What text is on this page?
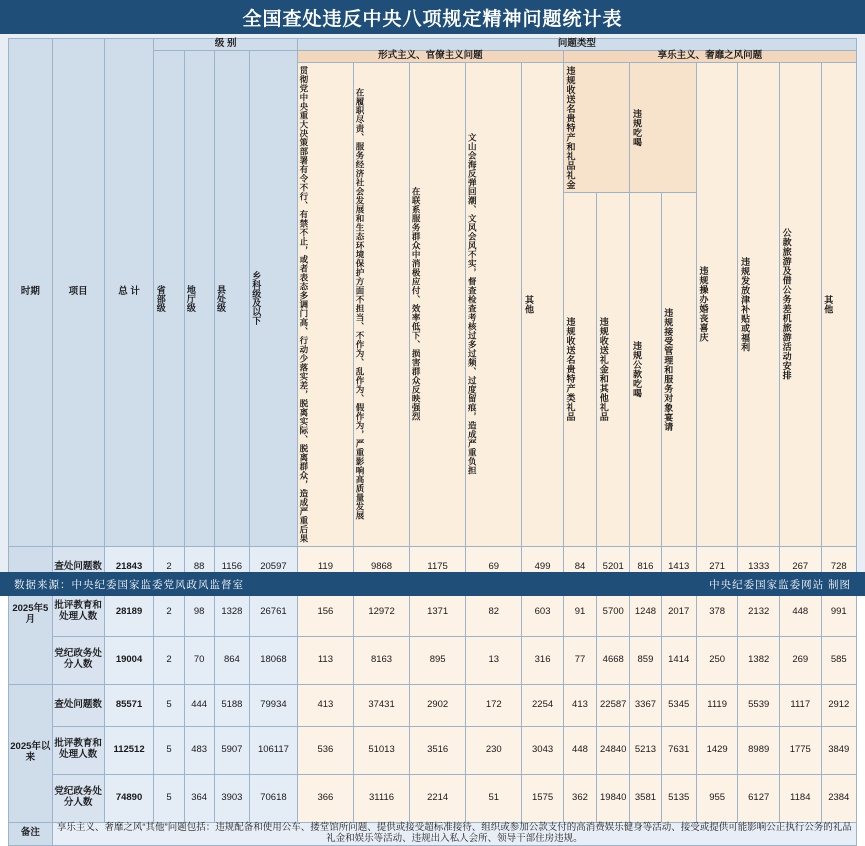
全国查处违反中央八项规定精神问题统计表
时期	项目	总 计	级 别				问题类型												

			省部级	地厅级	县处级	乡科级及以下	形式主义、官僚主义问题					享乐主义、奢靡之风问题							

							贯彻党中央重大决策部署有令不行、有禁不止，或者表态多调门高、行动少落实差，脱离实际、脱离群众，造成严重后果	在履职尽责、服务经济社会发展和生态环境保护方面不担当、不作为、乱作为、假作为，严重影响高质量发展	在联系服务群众中消极应付、效率低下、损害群众反映强烈	文山会海反弹回潮、文风会风不实，督查检查考核过多过频、过度留痕，造成严重负担	其他	违规收送名贵特产和礼品礼金		违规吃喝		违规操办婚丧喜庆	违规发放津补贴或福利	公款旅游及借公务差机旅游活动安排	其他

												违规收送名贵特产类礼品	违规收送礼金和其他礼品	违规公款吃喝	违规接受管理和服务对象宴请				

2025年5月	查处问题数	21843	2	88	1156	20597	119	9868	1175	69	499	84	5201	816	1413	271	1333	267	728
	批评教育和处理人数	28189	2	98	1328	26761	156	12972	1371	82	603	91	5700	1248	2017	378	2132	448	991
	党纪政务处分人数	19004	2	70	864	18068	113	8163	895	13	316	77	4668	859	1414	250	1382	269	585
2025年以来	查处问题数	85571	5	444	5188	79934	413	37431	2902	172	2254	413	22587	3367	5345	1119	5539	1117	2912
	批评教育和处理人数	112512	5	483	5907	106117	536	51013	3516	230	3043	448	24840	5213	7631	1429	8989	1775	3849
	党纪政务处分人数	74890	5	364	3903	70618	366	31116	2214	51	1575	362	19840	3581	5135	955	6127	1184	2384
备注	享乐主义、奢靡之风“其他”问题包括：违规配备和使用公车、搂堂馆所问题、提供或接受超标准接待、组织或参加公款支付的高消费娱乐健身等活动、接受或提供可能影响公正执行公务的礼品礼金和娱乐等活动、违规出入私人会所、领导干部住房违规。																		
数据来源：中央纪委国家监委党风政风监督室	中央纪委国家监委网站 制图
